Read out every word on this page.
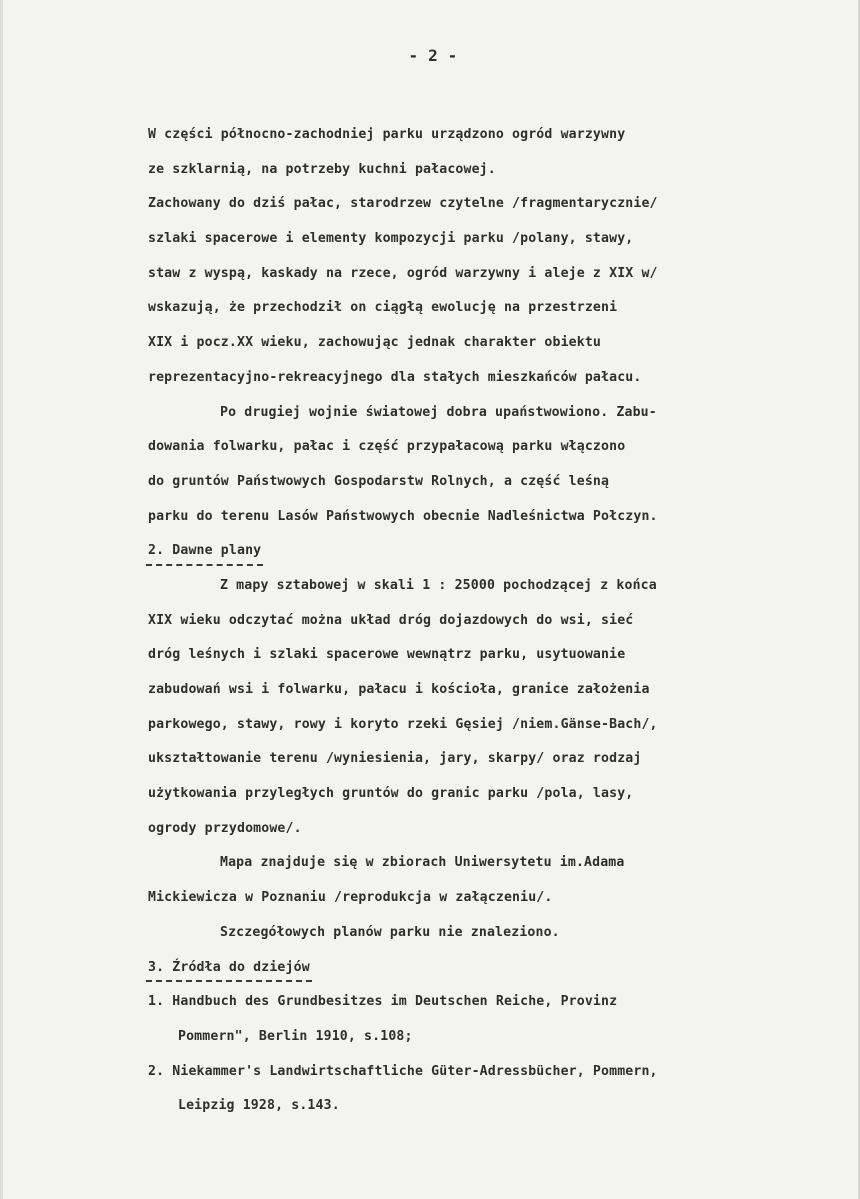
- 2 -
W części północno-zachodniej parku urządzono ogród warzywny
ze szklarnią, na potrzeby kuchni pałacowej.
Zachowany do dziś pałac, starodrzew czytelne /fragmentarycznie/
szlaki spacerowe i elementy kompozycji parku /polany, stawy,
staw z wyspą, kaskady na rzece, ogród warzywny i aleje z XIX w/
wskazują, że przechodził on ciągłą ewolucję na przestrzeni
XIX i pocz.XX wieku, zachowując jednak charakter obiektu
reprezentacyjno-rekreacyjnego dla stałych mieszkańców pałacu.
Po drugiej wojnie światowej dobra upaństwowiono. Zabu-
dowania folwarku, pałac i część przypałacową parku włączono
do gruntów Państwowych Gospodarstw Rolnych, a część leśną
parku do terenu Lasów Państwowych obecnie Nadleśnictwa Połczyn.
2. Dawne plany
Z mapy sztabowej w skali 1 : 25000 pochodzącej z końca
XIX wieku odczytać można układ dróg dojazdowych do wsi, sieć
dróg leśnych i szlaki spacerowe wewnątrz parku, usytuowanie
zabudowań wsi i folwarku, pałacu i kościoła, granice założenia
parkowego, stawy, rowy i koryto rzeki Gęsiej /niem.Gänse-Bach/,
ukształtowanie terenu /wyniesienia, jary, skarpy/ oraz rodzaj
użytkowania przyległych gruntów do granic parku /pola, lasy,
ogrody przydomowe/.
Mapa znajduje się w zbiorach Uniwersytetu im.Adama
Mickiewicza w Poznaniu /reprodukcja w załączeniu/.
Szczegółowych planów parku nie znaleziono.
3. Źródła do dziejów
1. Handbuch des Grundbesitzes im Deutschen Reiche, Provinz
Pommern", Berlin 1910, s.108;
2. Niekammer's Landwirtschaftliche Güter-Adressbücher, Pommern,
Leipzig 1928, s.143.
